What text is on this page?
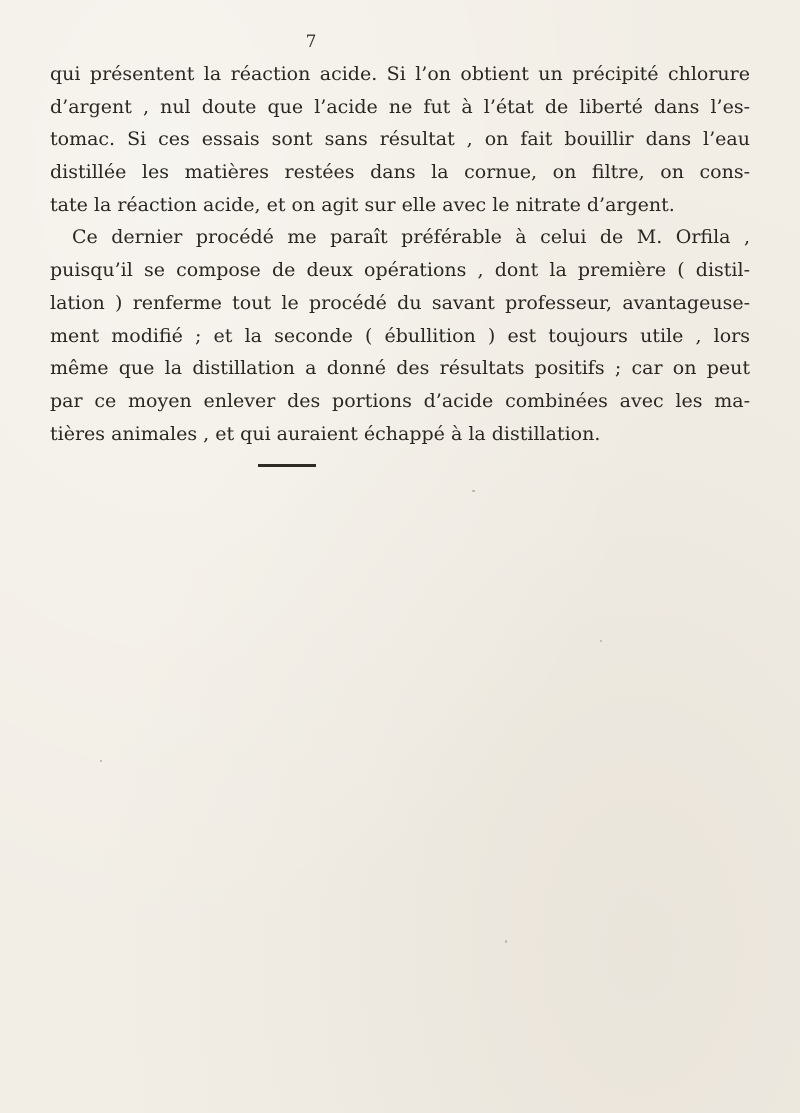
7
qui présentent la réaction acide. Si l’on obtient un précipité chlorure
d’argent , nul doute que l’acide ne fut à l’état de liberté dans l’es-
tomac. Si ces essais sont sans résultat , on fait bouillir dans l’eau
distillée les matières restées dans la cornue, on filtre, on cons-
tate la réaction acide, et on agit sur elle avec le nitrate d’argent.
Ce dernier procédé me paraît préférable à celui de M. Orfila ,
puisqu’il se compose de deux opérations , dont la première ( distil-
lation ) renferme tout le procédé du savant professeur, avantageuse-
ment modifié ; et la seconde ( ébullition ) est toujours utile , lors
même que la distillation a donné des résultats positifs ; car on peut
par ce moyen enlever des portions d’acide combinées avec les ma-
tières animales , et qui auraient échappé à la distillation.
